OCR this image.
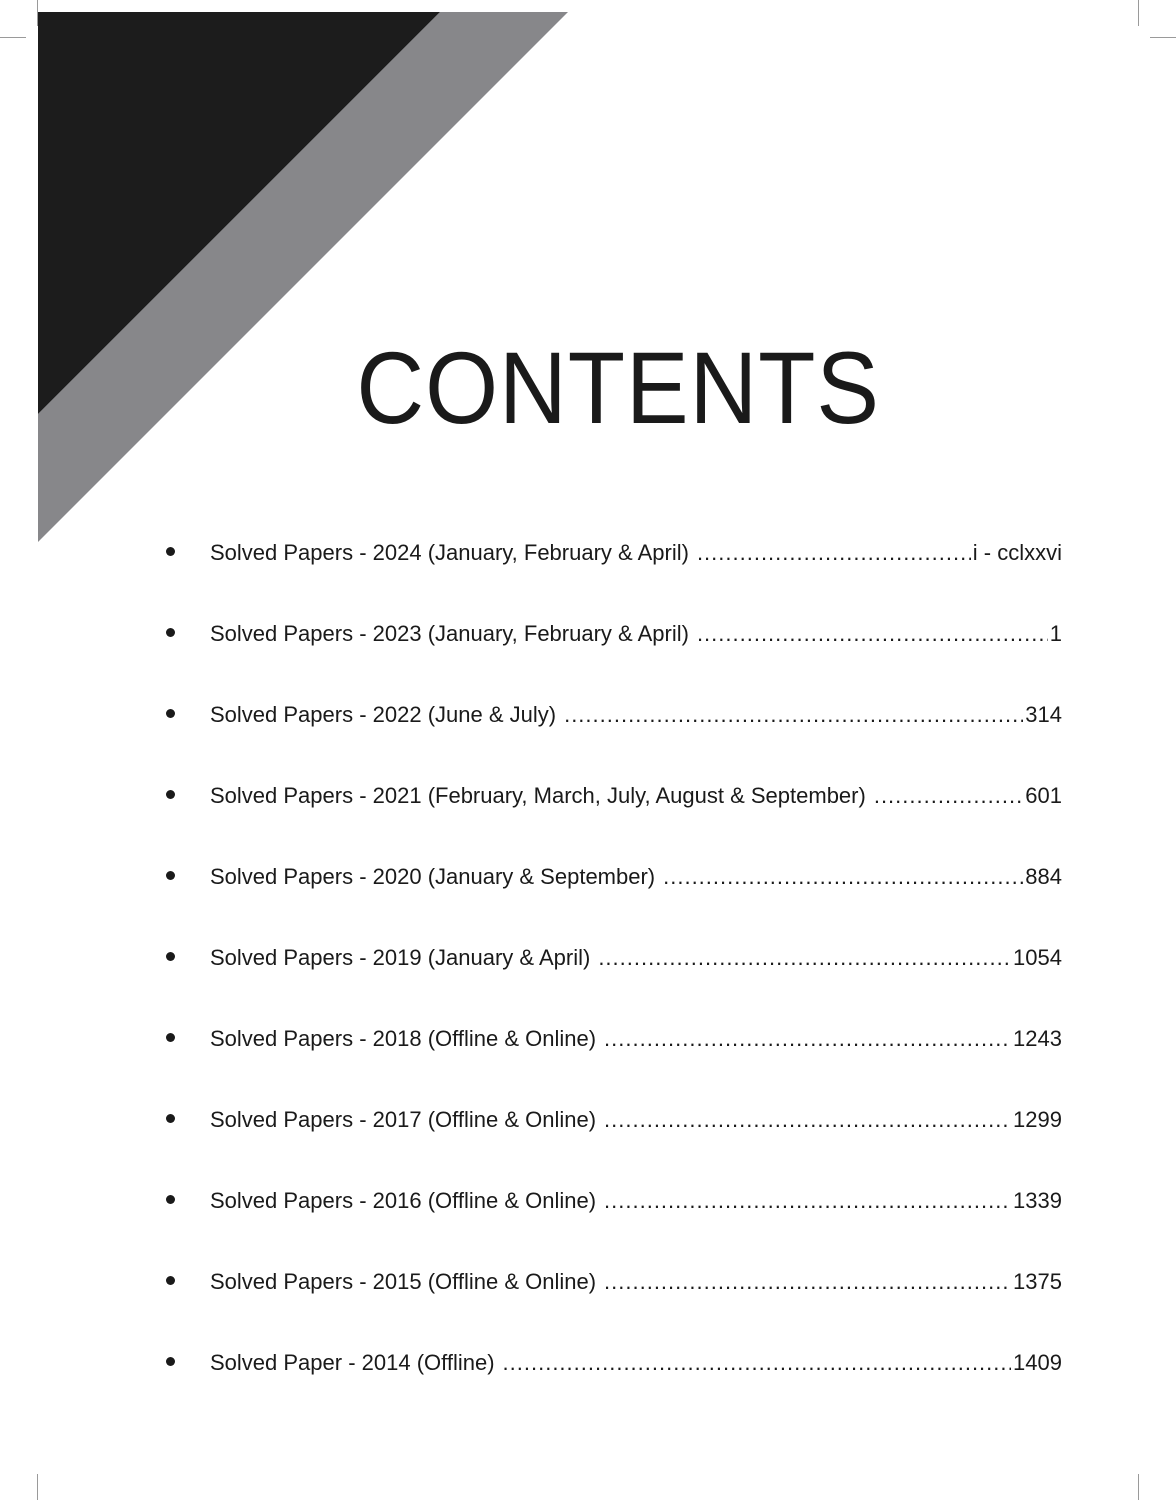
CONTENTS
Solved Papers - 2024 (January, February & April) .....	i - cclxxvi
Solved Papers - 2023 (January, February & April) .....	1
Solved Papers - 2022 (June & July) .....	314
Solved Papers - 2021 (February, March, July, August & September) .....	601
Solved Papers - 2020 (January & September) .....	884
Solved Papers - 2019 (January & April) .....	1054
Solved Papers - 2018 (Offline & Online) .....	1243
Solved Papers - 2017 (Offline & Online) .....	1299
Solved Papers - 2016 (Offline & Online) .....	1339
Solved Papers - 2015 (Offline & Online) .....	1375
Solved Paper - 2014 (Offline) .....	1409
